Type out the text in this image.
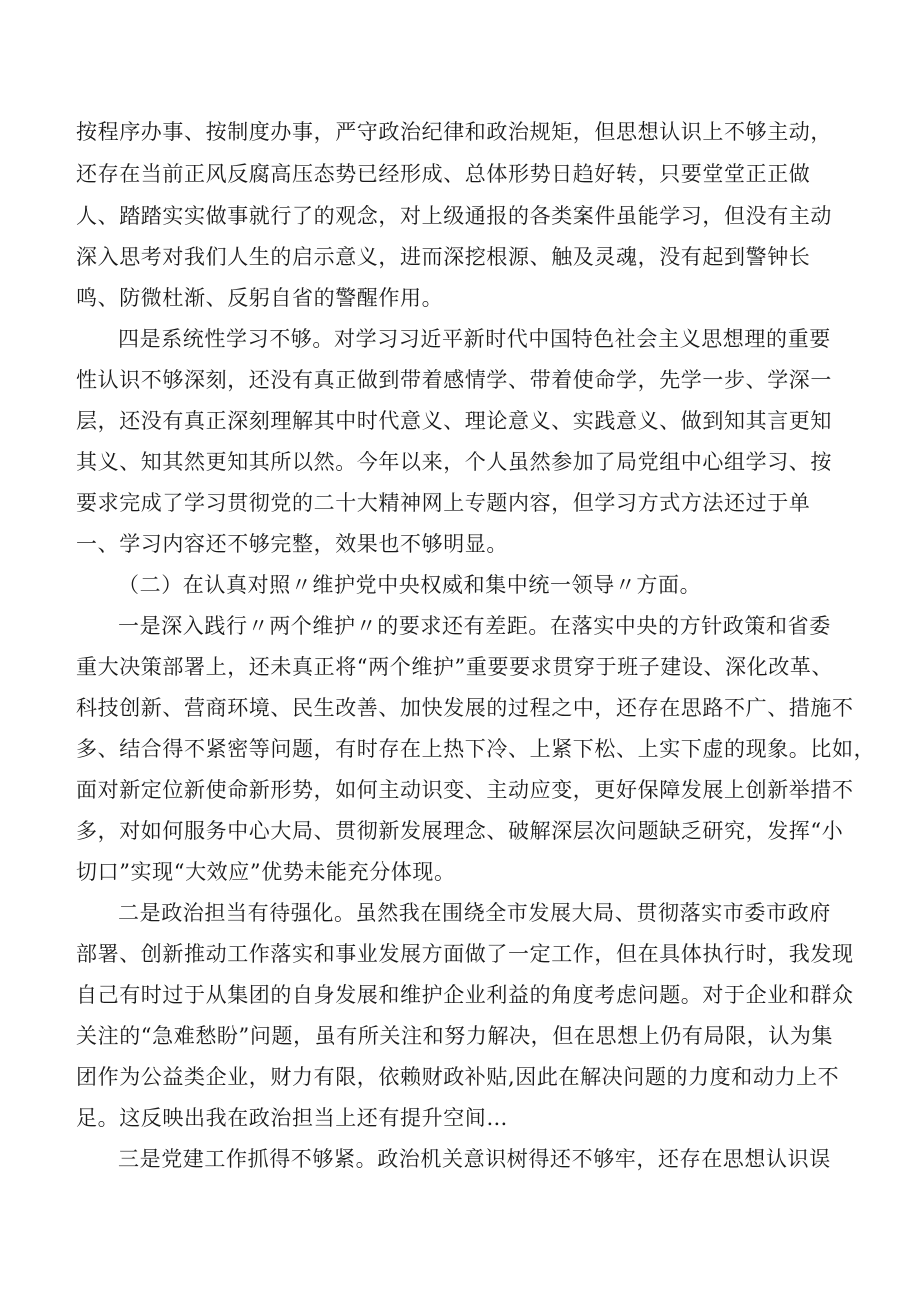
按程序办事、按制度办事，严守政治纪律和政治规矩，但思想认识上不够主动，
还存在当前正风反腐高压态势已经形成、总体形势日趋好转，只要堂堂正正做
人、踏踏实实做事就行了的观念，对上级通报的各类案件虽能学习，但没有主动
深入思考对我们人生的启示意义，进而深挖根源、触及灵魂，没有起到警钟长
鸣、防微杜渐、反躬自省的警醒作用。
四是系统性学习不够。对学习习近平新时代中国特色社会主义思想理的重要
性认识不够深刻，还没有真正做到带着感情学、带着使命学，先学一步、学深一
层，还没有真正深刻理解其中时代意义、理论意义、实践意义、做到知其言更知
其义、知其然更知其所以然。今年以来，个人虽然参加了局党组中心组学习、按
要求完成了学习贯彻党的二十大精神网上专题内容，但学习方式方法还过于单
一、学习内容还不够完整，效果也不够明显。
（二）在认真对照〃维护党中央权威和集中统一领导〃方面。
一是深入践行〃两个维护〃的要求还有差距。在落实中央的方针政策和省委
重大决策部署上，还未真正将“两个维护”重要要求贯穿于班子建设、深化改革、
科技创新、营商环境、民生改善、加快发展的过程之中，还存在思路不广、措施不
多、结合得不紧密等问题，有时存在上热下冷、上紧下松、上实下虚的现象。比如，
面对新定位新使命新形势，如何主动识变、主动应变，更好保障发展上创新举措不
多，对如何服务中心大局、贯彻新发展理念、破解深层次问题缺乏研究，发挥“小
切口”实现“大效应”优势未能充分体现。
二是政治担当有待强化。虽然我在围绕全市发展大局、贯彻落实市委市政府
部署、创新推动工作落实和事业发展方面做了一定工作，但在具体执行时，我发现
自己有时过于从集团的自身发展和维护企业利益的角度考虑问题。对于企业和群众
关注的“急难愁盼”问题，虽有所关注和努力解决，但在思想上仍有局限，认为集
团作为公益类企业，财力有限，依赖财政补贴,因此在解决问题的力度和动力上不
足。这反映出我在政治担当上还有提升空间…
三是党建工作抓得不够紧。政治机关意识树得还不够牢，还存在思想认识误
